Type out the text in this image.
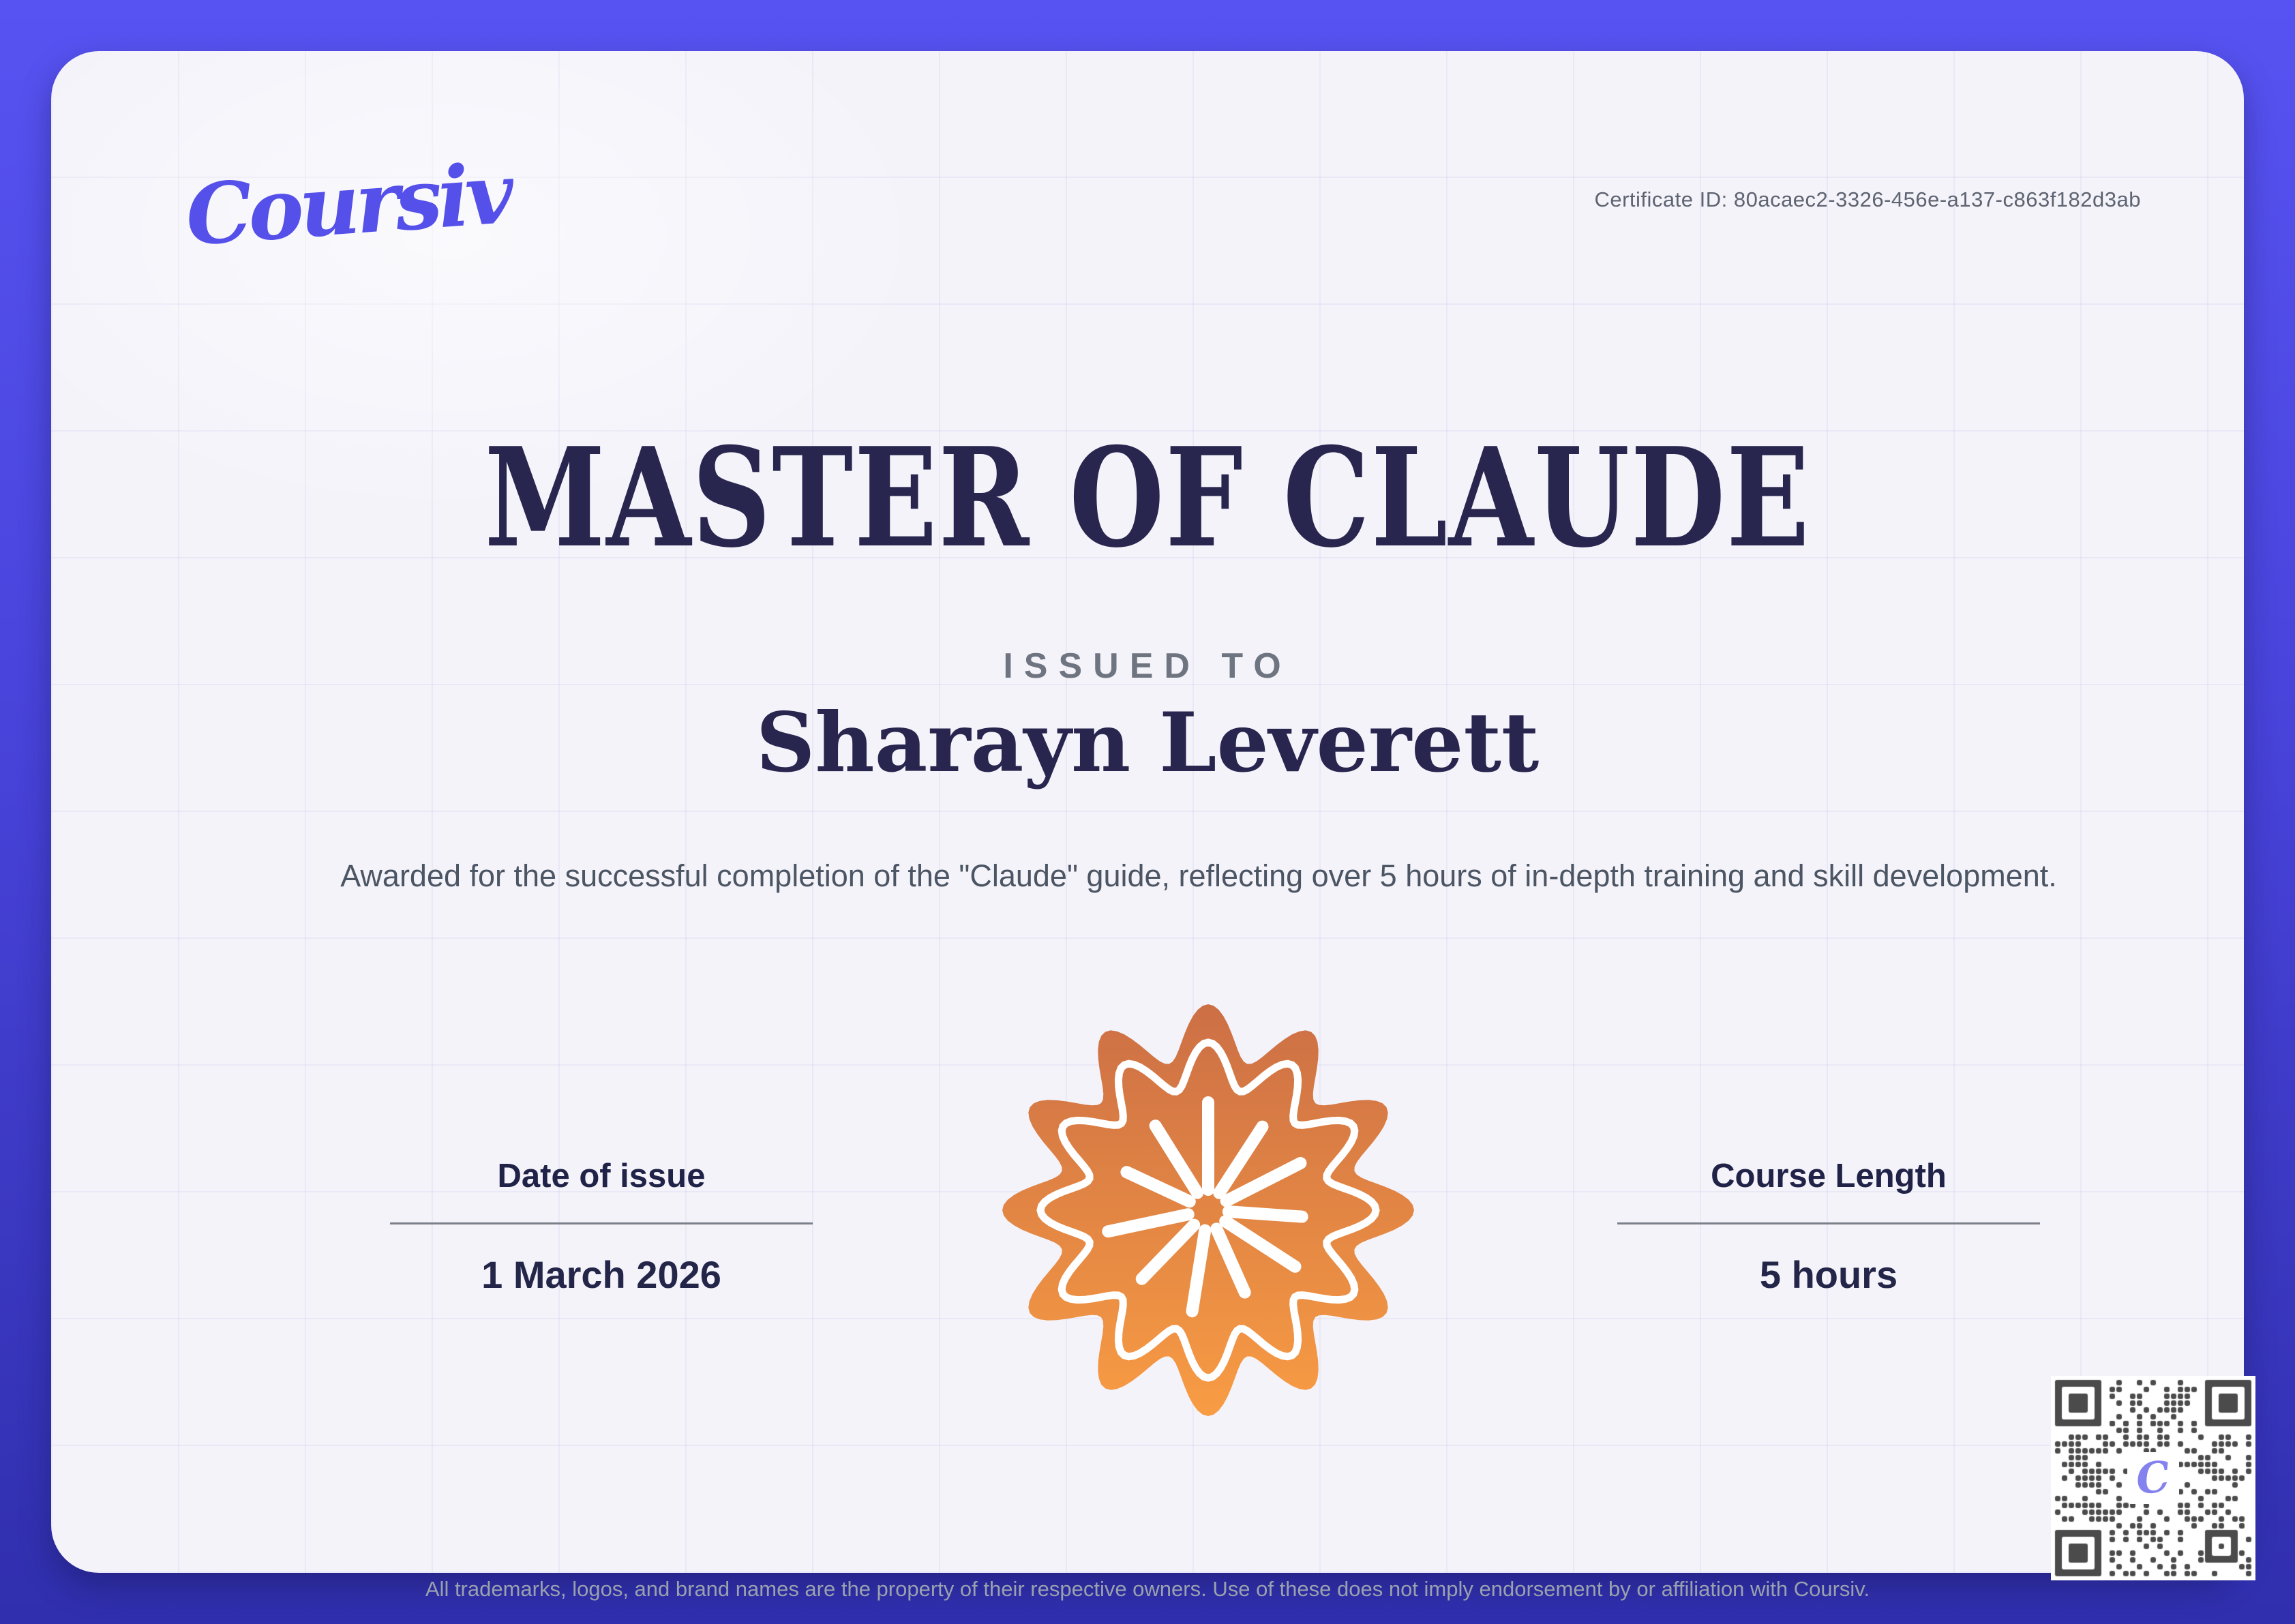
Coursiv	Certificate ID: 80acaec2-3326-456e-a137-c863f182d3ab
MASTER OF CLAUDE
ISSUED TO
Sharayn Leverett
Awarded for the successful completion of the "Claude" guide, reflecting over 5 hours of in-depth training and skill development.
Date of issue
1 March 2026
Course Length
5 hours
C
All trademarks, logos, and brand names are the property of their respective owners. Use of these does not imply endorsement by or affiliation with Coursiv.
